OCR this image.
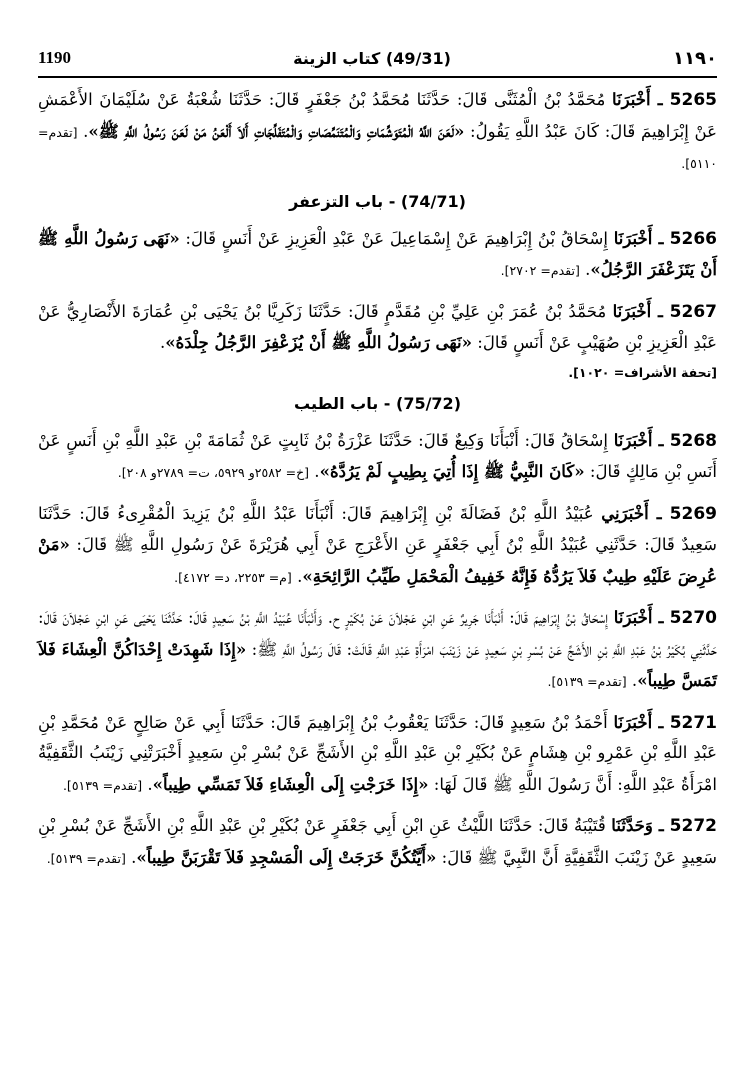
1190	(49/31) كتاب الزينة	١١٩٠

5265 ـ أَخْبَرَنَا مُحَمَّدُ بْنُ الْمُثَنَّى قَالَ: حَدَّثَنَا مُحَمَّدُ بْنُ جَعْفَرٍ قَالَ: حَدَّثَنَا شُعْبَةُ عَنْ سُلَيْمَانَ الأَعْمَشِ عَنْ إِبْرَاهِيمَ قَالَ: كَانَ عَبْدُ اللَّهِ يَقُولُ: «لَعَنَ اللَّهُ الْمُتَوَشِّمَاتِ وَالْمُتَنَمِّصَاتِ وَالْمُتَفَلِّجَاتِ أَلاَ أَلْعَنُ مَنْ لَعَنَ رَسُولُ اللَّهِ ﷺ». [تقدم= ٥١١٠].

(74/71) - باب التزعفر

5266 ـ أَخْبَرَنَا إِسْحَاقُ بْنُ إِبْرَاهِيمَ عَنْ إِسْمَاعِيلَ عَنْ عَبْدِ الْعَزِيزِ عَنْ أَنَسٍ قَالَ: «نَهَى رَسُولُ اللَّهِ ﷺ أَنْ يَتَزَعْفَرَ الرَّجُلُ». [تقدم= ٢٧٠٢].

5267 ـ أَخْبَرَنَا مُحَمَّدُ بْنُ عُمَرَ بْنِ عَلِيِّ بْنِ مُقَدَّمٍ قَالَ: حَدَّثَنَا زَكَرِيَّا بْنُ يَحْيَى بْنِ عُمَارَةَ الأَنْصَارِيُّ عَنْ عَبْدِ الْعَزِيزِ بْنِ صُهَيْبٍ عَنْ أَنَسٍ قَالَ: «نَهَى رَسُولُ اللَّهِ ﷺ أَنْ يُزَعْفِرَ الرَّجُلُ جِلْدَهُ».

[تحفة الأشراف= ١٠٢٠].
(75/72) - باب الطيب

5268 ـ أَخْبَرَنَا إِسْحَاقُ قَالَ: أَنْبَأَنَا وَكِيعٌ قَالَ: حَدَّثَنَا عَزْرَةُ بْنُ ثَابِتٍ عَنْ ثُمَامَةَ بْنِ عَبْدِ اللَّهِ بْنِ أَنَسٍ عَنْ أَنَسِ بْنِ مَالِكٍ قَالَ: «كَانَ النَّبِيُّ ﷺ إِذَا أُتِيَ بِطِيبٍ لَمْ يَرُدَّهُ». [خ= ٢٥٨٢و ٥٩٢٩، ت= ٢٧٨٩و ٢٠٨].

5269 ـ أَخْبَرَنِي عُبَيْدُ اللَّهِ بْنُ فَضَالَةَ بْنِ إِبْرَاهِيمَ قَالَ: أَنْبَأَنَا عَبْدُ اللَّهِ بْنُ يَزِيدَ الْمُقْرِىءُ قَالَ: حَدَّثَنَا سَعِيدٌ قَالَ: حَدَّثَنِي عُبَيْدُ اللَّهِ بْنُ أَبِي جَعْفَرٍ عَنِ الأَعْرَجِ عَنْ أَبِي هُرَيْرَةَ عَنْ رَسُولِ اللَّهِ ﷺ قَالَ: «مَنْ عُرِضَ عَلَيْهِ طِيبٌ فَلاَ يَرُدُّهُ فَإِنَّهُ خَفِيفُ الْمَحْمَلِ طَيِّبُ الرَّائِحَةِ». [م= ٢٢٥٣، د= ٤١٧٢].

5270 ـ أَخْبَرَنَا إِسْحَاقُ بْنُ إِبْرَاهِيمَ قَالَ: أَنْبَأَنَا جَرِيرٌ عَنِ ابْنِ عَجْلاَنَ عَنْ بُكَيْرٍ ح. وَأَنْبَأَنَا عُبَيْدُ اللَّهِ بْنُ سَعِيدٍ قَالَ: حَدَّثَنَا يَحْيَى عَنِ ابْنِ عَجْلاَنَ قَالَ: حَدَّثَنِي بُكَيْرُ بْنُ عَبْدِ اللَّهِ بْنِ الأَشَجِّ عَنْ بُسْرِ بْنِ سَعِيدٍ عَنْ زَيْنَبَ امْرَأَةِ عَبْدِ اللَّهِ قَالَتْ: قَالَ رَسُولُ اللَّهِ ﷺ: «إِذَا شَهِدَتْ إِحْدَاكُنَّ الْعِشَاءَ فَلاَ تَمَسَّ طِيباً». [تقدم= ٥١٣٩].

5271 ـ أَخْبَرَنَا أَحْمَدُ بْنُ سَعِيدٍ قَالَ: حَدَّثَنَا يَعْقُوبُ بْنُ إِبْرَاهِيمَ قَالَ: حَدَّثَنَا أَبِي عَنْ صَالِحٍ عَنْ مُحَمَّدِ بْنِ عَبْدِ اللَّهِ بْنِ عَمْرِو بْنِ هِشَامٍ عَنْ بُكَيْرِ بْنِ عَبْدِ اللَّهِ بْنِ الأَشَجِّ عَنْ بُسْرِ بْنِ سَعِيدٍ أَخْبَرَتْنِي زَيْنَبُ الثَّقَفِيَّةُ امْرَأَةُ عَبْدِ اللَّهِ: أَنَّ رَسُولَ اللَّهِ ﷺ قَالَ لَهَا: «إِذَا خَرَجْتِ إِلَى الْعِشَاءِ فَلاَ تَمَسِّي طِيباً». [تقدم= ٥١٣٩].

5272 ـ وَحَدَّثَنَا قُتَيْبَةُ قَالَ: حَدَّثَنَا اللَّيْثُ عَنِ ابْنِ أَبِي جَعْفَرٍ عَنْ بُكَيْرِ بْنِ عَبْدِ اللَّهِ بْنِ الأَشَجِّ عَنْ بُسْرِ بْنِ سَعِيدٍ عَنْ زَيْنَبَ الثَّقَفِيَّةِ أَنَّ النَّبِيَّ ﷺ قَالَ: «أَيَّتُكُنَّ خَرَجَتْ إِلَى الْمَسْجِدِ فَلاَ تَقْرَبَنَّ طِيباً». [تقدم= ٥١٣٩].
